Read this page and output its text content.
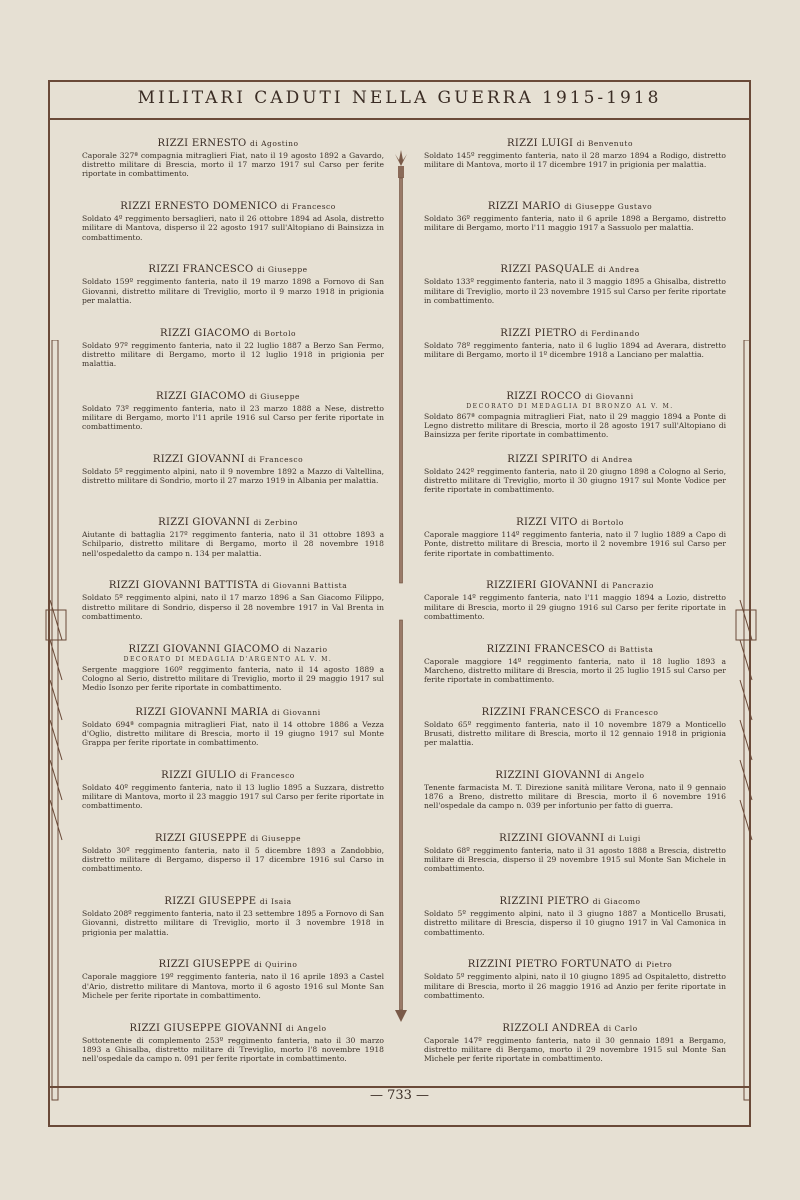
MILITARI CADUTI NELLA GUERRA 1915-1918
RIZZI ERNESTO di Agostino
Caporale 327ª compagnia mitraglieri Fiat, nato il 19 agosto 1892 a Gavardo, distretto militare di Brescia, morto il 17 marzo 1917 sul Carso per ferite riportate in combattimento.
RIZZI ERNESTO DOMENICO di Francesco
Soldato 4º reggimento bersaglieri, nato il 26 ottobre 1894 ad Asola, distretto militare di Mantova, disperso il 22 agosto 1917 sull'Altopiano di Bainsizza in combattimento.
RIZZI FRANCESCO di Giuseppe
Soldato 159º reggimento fanteria, nato il 19 marzo 1898 a Fornovo di San Giovanni, distretto militare di Treviglio, morto il 9 marzo 1918 in prigionia per malattia.
RIZZI GIACOMO di Bortolo
Soldato 97º reggimento fanteria, nato il 22 luglio 1887 a Berzo San Fermo, distretto militare di Bergamo, morto il 12 luglio 1918 in prigionia per malattia.
RIZZI GIACOMO di Giuseppe
Soldato 73º reggimento fanteria, nato il 23 marzo 1888 a Nese, distretto militare di Bergamo, morto l'11 aprile 1916 sul Carso per ferite riportate in combattimento.
RIZZI GIOVANNI di Francesco
Soldato 5º reggimento alpini, nato il 9 novembre 1892 a Mazzo di Valtellina, distretto militare di Sondrio, morto il 27 marzo 1919 in Albania per malattia.
RIZZI GIOVANNI di Zerbino
Aiutante di battaglia 217º reggimento fanteria, nato il 31 ottobre 1893 a Schilpario, distretto militare di Bergamo, morto il 28 novembre 1918 nell'ospedaletto da campo n. 134 per malattia.
RIZZI GIOVANNI BATTISTA di Giovanni Battista
Soldato 5º reggimento alpini, nato il 17 marzo 1896 a San Giacomo Filippo, distretto militare di Sondrio, disperso il 28 novembre 1917 in Val Brenta in combattimento.
RIZZI GIOVANNI GIACOMO di Nazario
DECORATO DI MEDAGLIA D'ARGENTO AL V. M.
Sergente maggiore 160º reggimento fanteria, nato il 14 agosto 1889 a Cologno al Serio, distretto militare di Treviglio, morto il 29 maggio 1917 sul Medio Isonzo per ferite riportate in combattimento.
RIZZI GIOVANNI MARIA di Giovanni
Soldato 694ª compagnia mitraglieri Fiat, nato il 14 ottobre 1886 a Vezza d'Oglio, distretto militare di Brescia, morto il 19 giugno 1917 sul Monte Grappa per ferite riportate in combattimento.
RIZZI GIULIO di Francesco
Soldato 40º reggimento fanteria, nato il 13 luglio 1895 a Suzzara, distretto militare di Mantova, morto il 23 maggio 1917 sul Carso per ferite riportate in combattimento.
RIZZI GIUSEPPE di Giuseppe
Soldato 30º reggimento fanteria, nato il 5 dicembre 1893 a Zandobbio, distretto militare di Bergamo, disperso il 17 dicembre 1916 sul Carso in combattimento.
RIZZI GIUSEPPE di Isaia
Soldato 208º reggimento fanteria, nato il 23 settembre 1895 a Fornovo di San Giovanni, distretto militare di Treviglio, morto il 3 novembre 1918 in prigionia per malattia.
RIZZI GIUSEPPE di Quirino
Caporale maggiore 19º reggimento fanteria, nato il 16 aprile 1893 a Castel d'Ario, distretto militare di Mantova, morto il 6 agosto 1916 sul Monte San Michele per ferite riportate in combattimento.
RIZZI GIUSEPPE GIOVANNI di Angelo
Sottotenente di complemento 253º reggimento fanteria, nato il 30 marzo 1893 a Ghisalba, distretto militare di Treviglio, morto l'8 novembre 1918 nell'ospedale da campo n. 091 per ferite riportate in combattimento.
RIZZI LUIGI di Benvenuto
Soldato 145º reggimento fanteria, nato il 28 marzo 1894 a Rodigo, distretto militare di Mantova, morto il 17 dicembre 1917 in prigionia per malattia.
RIZZI MARIO di Giuseppe Gustavo
Soldato 36º reggimento fanteria, nato il 6 aprile 1898 a Bergamo, distretto militare di Bergamo, morto l'11 maggio 1917 a Sassuolo per malattia.
RIZZI PASQUALE di Andrea
Soldato 133º reggimento fanteria, nato il 3 maggio 1895 a Ghisalba, distretto militare di Treviglio, morto il 23 novembre 1915 sul Carso per ferite riportate in combattimento.
RIZZI PIETRO di Ferdinando
Soldato 78º reggimento fanteria, nato il 6 luglio 1894 ad Averara, distretto militare di Bergamo, morto il 1º dicembre 1918 a Lanciano per malattia.
RIZZI ROCCO di Giovanni
DECORATO DI MEDAGLIA DI BRONZO AL V. M.
Soldato 867ª compagnia mitraglieri Fiat, nato il 29 maggio 1894 a Ponte di Legno distretto militare di Brescia, morto il 28 agosto 1917 sull'Altopiano di Bainsizza per ferite riportate in combattimento.
RIZZI SPIRITO di Andrea
Soldato 242º reggimento fanteria, nato il 20 giugno 1898 a Cologno al Serio, distretto militare di Treviglio, morto il 30 giugno 1917 sul Monte Vodice per ferite riportate in combattimento.
RIZZI VITO di Bortolo
Caporale maggiore 114º reggimento fanteria, nato il 7 luglio 1889 a Capo di Ponte, distretto militare di Brescia, morto il 2 novembre 1916 sul Carso per ferite riportate in combattimento.
RIZZIERI GIOVANNI di Pancrazio
Caporale 14º reggimento fanteria, nato l'11 maggio 1894 a Lozio, distretto militare di Brescia, morto il 29 giugno 1916 sul Carso per ferite riportate in combattimento.
RIZZINI FRANCESCO di Battista
Caporale maggiore 14º reggimento fanteria, nato il 18 luglio 1893 a Marcheno, distretto militare di Brescia, morto il 25 luglio 1915 sul Carso per ferite riportate in combattimento.
RIZZINI FRANCESCO di Francesco
Soldato 65º reggimento fanteria, nato il 10 novembre 1879 a Monticello Brusati, distretto militare di Brescia, morto il 12 gennaio 1918 in prigionia per malattia.
RIZZINI GIOVANNI di Angelo
Tenente farmacista M. T. Direzione sanità militare Verona, nato il 9 gennaio 1876 a Breno, distretto militare di Brescia, morto il 6 novembre 1916 nell'ospedale da campo n. 039 per infortunio per fatto di guerra.
RIZZINI GIOVANNI di Luigi
Soldato 68º reggimento fanteria, nato il 31 agosto 1888 a Brescia, distretto militare di Brescia, disperso il 29 novembre 1915 sul Monte San Michele in combattimento.
RIZZINI PIETRO di Giacomo
Soldato 5º reggimento alpini, nato il 3 giugno 1887 a Monticello Brusati, distretto militare di Brescia, disperso il 10 giugno 1917 in Val Camonica in combattimento.
RIZZINI PIETRO FORTUNATO di Pietro
Soldato 5º reggimento alpini, nato il 10 giugno 1895 ad Ospitaletto, distretto militare di Brescia, morto il 26 maggio 1916 ad Anzio per ferite riportate in combattimento.
RIZZOLI ANDREA di Carlo
Caporale 147º reggimento fanteria, nato il 30 gennaio 1891 a Bergamo, distretto militare di Bergamo, morto il 29 novembre 1915 sul Monte San Michele per ferite riportate in combattimento.
— 733 —
